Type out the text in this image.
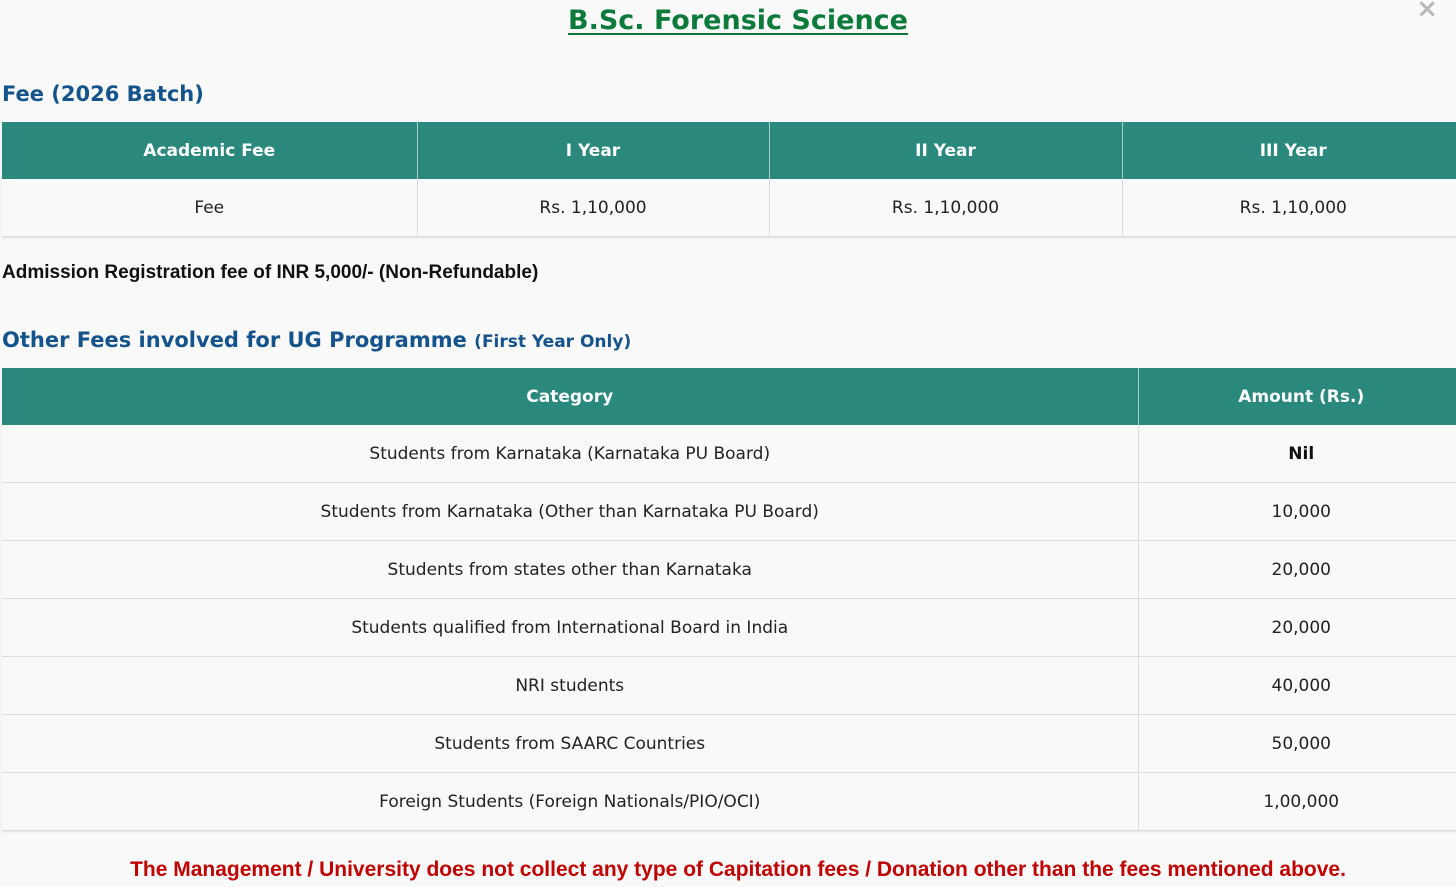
×
B.Sc. Forensic Science
Fee (2026 Batch)
Academic Fee	I Year	II Year	III Year
Fee	Rs. 1,10,000	Rs. 1,10,000	Rs. 1,10,000

Admission Registration fee of INR 5,000/- (Non-Refundable)

Other Fees involved for UG Programme (First Year Only)
Category	Amount (Rs.)
Students from Karnataka (Karnataka PU Board)	Nil
Students from Karnataka (Other than Karnataka PU Board)	10,000
Students from states other than Karnataka	20,000
Students qualified from International Board in India	20,000
NRI students	40,000
Students from SAARC Countries	50,000
Foreign Students (Foreign Nationals/PIO/OCI)	1,00,000

The Management / University does not collect any type of Capitation fees / Donation other than the fees mentioned above.
